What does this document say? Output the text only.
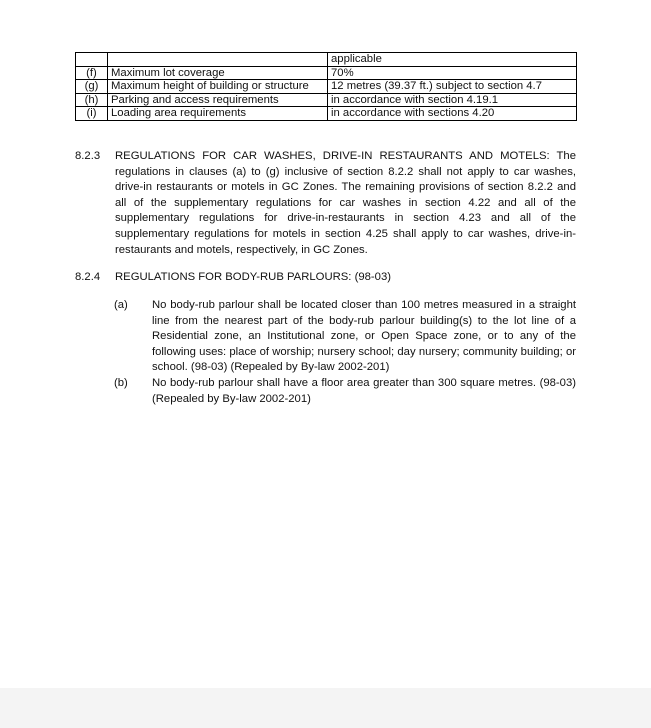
		applicable
(f)	Maximum lot coverage	70%
(g)	Maximum height of building or structure	12 metres (39.37 ft.) subject to section 4.7
(h)	Parking and access requirements	in accordance with section 4.19.1
(i)	Loading area requirements	in accordance with sections 4.20
8.2.3	REGULATIONS FOR CAR WASHES, DRIVE-IN RESTAURANTS AND MOTELS: The regulations in clauses (a) to (g) inclusive of section 8.2.2 shall not apply to car washes, drive-in restaurants or motels in GC Zones. The remaining provisions of section 8.2.2 and all of the supplementary regulations for car washes in section 4.22 and all of the supplementary regulations for drive-in-restaurants in section 4.23 and all of the supplementary regulations for motels in section 4.25 shall apply to car washes, drive-in-restaurants and motels, respectively, in GC Zones.
8.2.4	REGULATIONS FOR BODY-RUB PARLOURS: (98-03)
(a)	No body-rub parlour shall be located closer than 100 metres measured in a straight line from the nearest part of the body-rub parlour building(s) to the lot line of a Residential zone, an Institutional zone, or Open Space zone, or to any of the following uses: place of worship; nursery school; day nursery; community building; or school. (98-03) (Repealed by By-law 2002-201)
(b)	No body-rub parlour shall have a floor area greater than 300 square metres. (98-03)(Repealed by By-law 2002-201)
